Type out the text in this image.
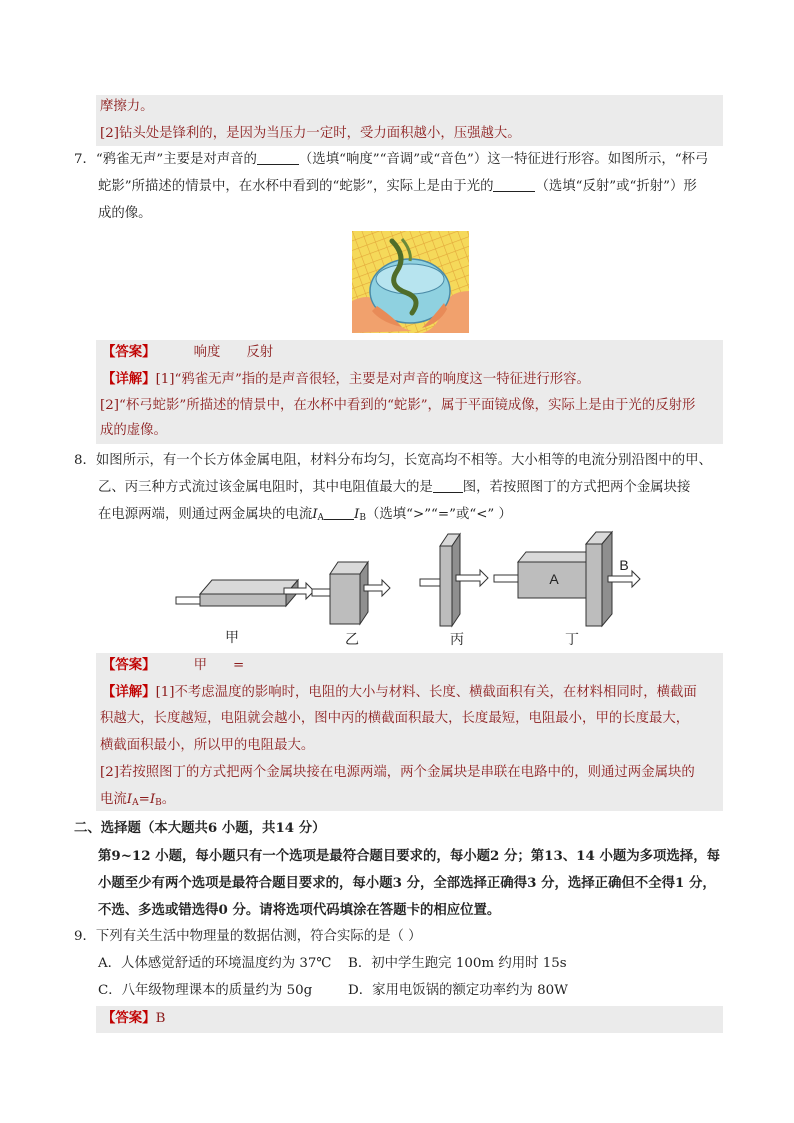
摩擦力。
[2]钻头处是锋利的，是因为当压力一定时，受力面积越小，压强越大。
7．“鸦雀无声”主要是对声音的	（选填“响度”“音调”或“音色”）这一特征进行形容。如图所示，“杯弓
蛇影”所描述的情景中，在水杯中看到的“蛇影”，实际上是由于光的	（选填“反射”或“折射”）形
成的像。
【答案】	响度 反射
【详解】[1]“鸦雀无声”指的是声音很轻，主要是对声音的响度这一特征进行形容。
[2]“杯弓蛇影”所描述的情景中，在水杯中看到的“蛇影”，属于平面镜成像，实际上是由于光的反射形
成的虚像。
8．如图所示，有一个长方体金属电阻，材料分布均匀，长宽高均不相等。大小相等的电流分别沿图中的甲、
乙、丙三种方式流过该金属电阻时，其中电阻值最大的是 图，若按照图丁的方式把两个金属块接
在电源两端，则通过两金属块的电流$I_A$ $I_B$（选填“>”“=”或“<” ）
A
B
甲	乙	丙	丁
【答案】	甲 =
【详解】[1]不考虑温度的影响时，电阻的大小与材料、长度、横截面积有关，在材料相同时，横截面
积越大，长度越短，电阻就会越小，图中丙的横截面积最大，长度最短，电阻最小，甲的长度最大，
横截面积最小，所以甲的电阻最大。
[2]若按照图丁的方式把两个金属块接在电源两端，两个金属块是串联在电路中的，则通过两金属块的
电流$I_A=I_B$。
二、选择题（本大题共6 小题，共14 分）
第9~12 小题，每小题只有一个选项是最符合题目要求的，每小题2 分；第13、14 小题为多项选择，每
小题至少有两个选项是最符合题目要求的，每小题3 分，全部选择正确得3 分，选择正确但不全得1 分，
不选、多选或错选得0 分。请将选项代码填涂在答题卡的相应位置。
9．下列有关生活中物理量的数据估测，符合实际的是（ ）
A．人体感觉舒适的环境温度约为 37℃ B．初中学生跑完 100m 约用时 15s
C．八年级物理课本的质量约为 50g	D．家用电饭锅的额定功率约为 80W
【答案】B
